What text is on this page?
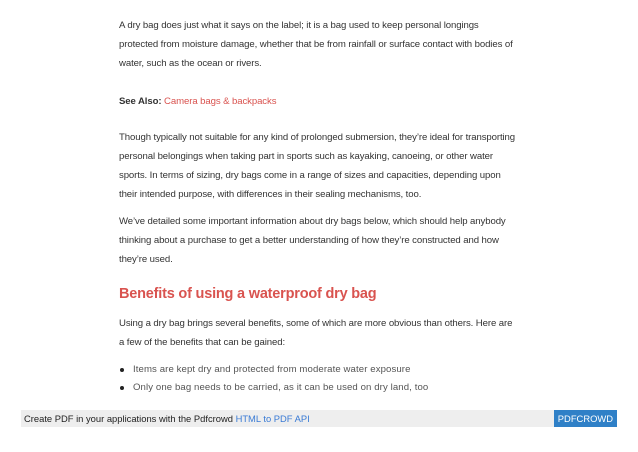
A dry bag does just what it says on the label; it is a bag used to keep personal longings protected from moisture damage, whether that be from rainfall or surface contact with bodies of water, such as the ocean or rivers.

See Also: Camera bags & backpacks

Though typically not suitable for any kind of prolonged submersion, they’re ideal for transporting personal belongings when taking part in sports such as kayaking, canoeing, or other water sports. In terms of sizing, dry bags come in a range of sizes and capacities, depending upon their intended purpose, with differences in their sealing mechanisms, too.

We’ve detailed some important information about dry bags below, which should help anybody thinking about a purchase to get a better understanding of how they’re constructed and how they’re used.

Benefits of using a waterproof dry bag

Using a dry bag brings several benefits, some of which are more obvious than others. Here are a few of the benefits that can be gained:

Items are kept dry and protected from moderate water exposure
Only one bag needs to be carried, as it can be used on dry land, too
Create PDF in your applications with the Pdfcrowd HTML to PDF API	PDFCROWD
